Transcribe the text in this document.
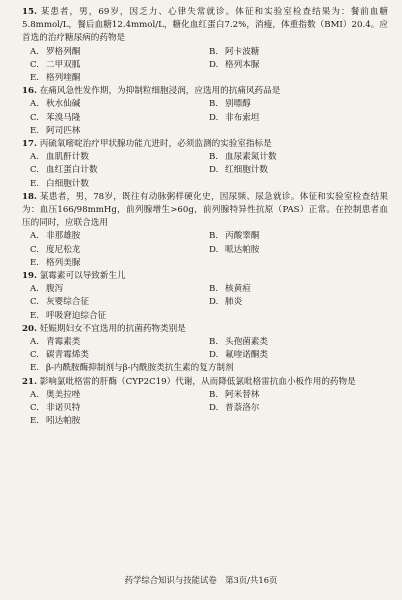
15. 某患者，男，69岁，因乏力、心律失常就诊。体征和实验室检查结果为：餐前血糖5.8mmol/L，餐后血糖12.4mmol/L，糖化血红蛋白7.2%，消瘦，体重指数（BMI）20.4。应首选的治疗糖尿病的药物是

A. 罗格列酮	B. 阿卡波糖
C. 二甲双胍	D. 格列本脲
E. 格列喹酮

16. 在痛风急性发作期，为抑制粒细胞浸润，应选用的抗痛风药品是

A. 秋水仙碱	B. 别嘌醇
C. 苯溴马隆	D. 非布索坦
E. 阿司匹林

17. 丙硫氧嘧啶治疗甲状腺功能亢进时，必须监测的实验室指标是

A. 血肌酐计数	B. 血尿素氮计数
C. 血红蛋白计数	D. 红细胞计数
E. 白细胞计数

18. 某患者，男，78岁，既往有动脉粥样硬化史，因尿频、尿急就诊。体征和实验室检查结果为：血压166/98mmHg，前列腺增生>60g，前列腺特异性抗原（PAS）正常。在控制患者血压的同时，应联合选用

A. 非那雄胺	B. 丙酸睾酮
C. 度尼松龙	D. 哌达帕胺
E. 格列美脲

19. 氯霉素可以导致新生儿

A. 腹泻	B. 核黄疸
C. 灰婴综合征	D. 肺炎
E. 呼吸窘迫综合征

20. 妊娠期妇女不宜选用的抗菌药物类别是

A. 青霉素类	B. 头孢菌素类
C. 碳青霉烯类	D. 氟喹诺酮类
E. β-内酰胺酶抑制剂与β-内酰胺类抗生素的复方制剂

21. 影响氯吡格雷的肝酶（CYP2C19）代谢，从而降低氯吡格雷抗血小板作用的药物是

A. 奥美拉唑	B. 阿米替林
C. 非诺贝特	D. 普萘洛尔
E. 吲达帕胺
药学综合知识与技能试卷　第3页/共16页
